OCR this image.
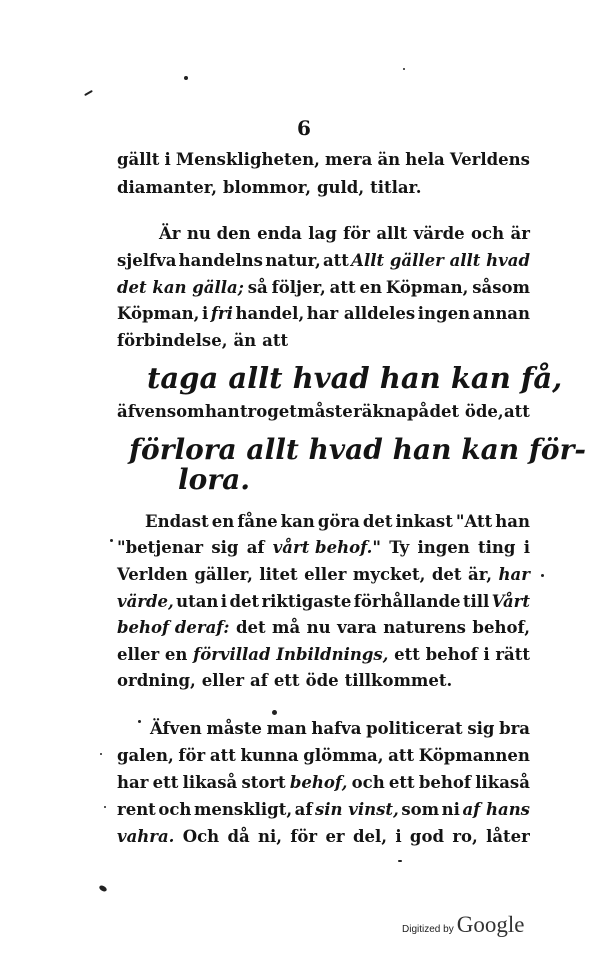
6
gällt i Menskligheten, mera än hela Verldens
diamanter, blommor, guld, titlar.
Är nu den enda lag för allt värde och är
sjelfva handelns natur, att Allt gäller allt hvad
det kan gälla; så följer, att en Köpman, såsom
Köpman, i fri handel, har alldeles ingen annan
förbindelse, än att
taga allt hvad han kan få,
äfvensom han troget måste räkna på det öde, att
förlora allt hvad han kan för-
lora.
Endast en fåne kan göra det inkast "Att han
"betjenar sig af vårt behof." Ty ingen ting i
Verlden gäller, litet eller mycket, det är, har
värde, utan i det riktigaste förhållande till Vårt
behof deraf: det må nu vara naturens behof,
eller en förvillad Inbildnings, ett behof i rätt
ordning, eller af ett öde tillkommet.
Äfven måste man hafva politicerat sig bra
galen, för att kunna glömma, att Köpmannen
har ett likaså stort behof, och ett behof likaså
rent och menskligt, af sin vinst, som ni af hans
vahra. Och då ni, för er del, i god ro, låter
Digitized by Google
